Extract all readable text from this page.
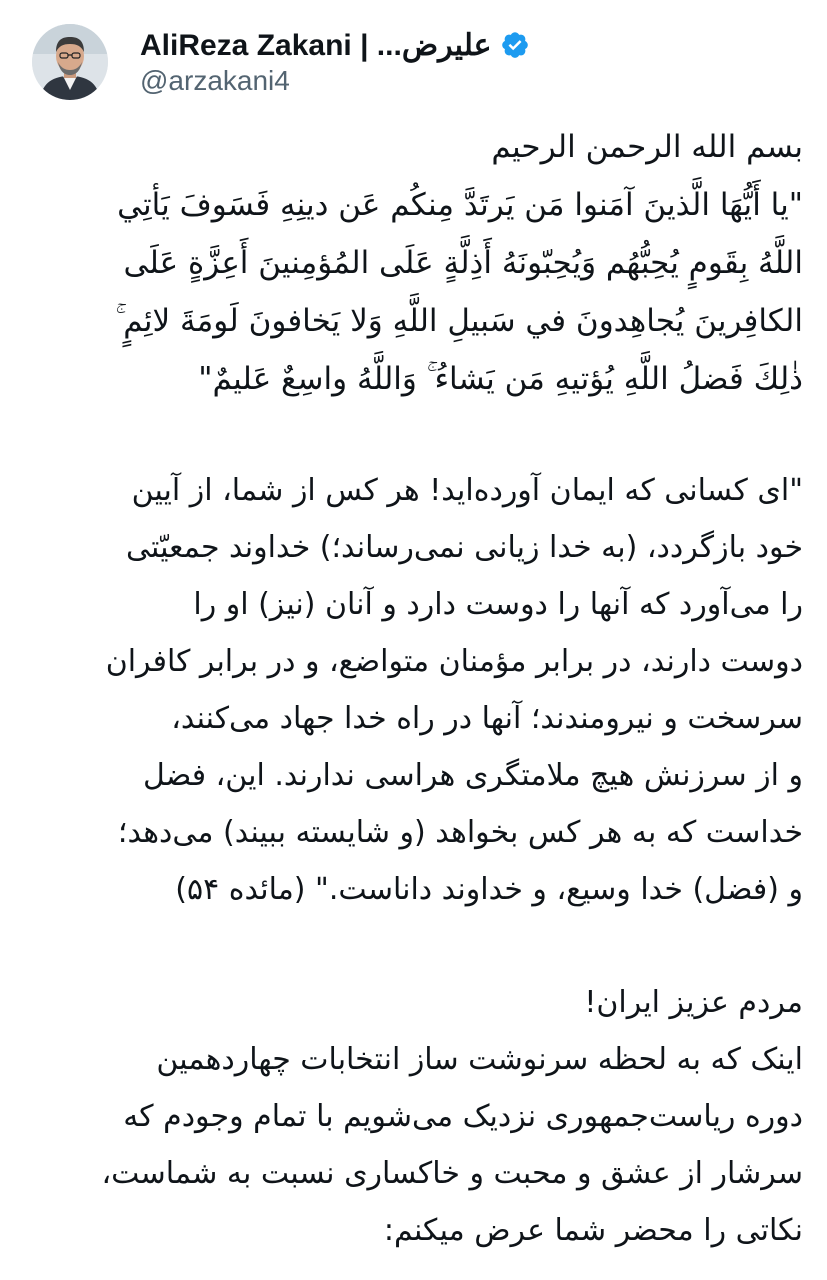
AliReza Zakani | ...علیرض
@arzakani4
بسم الله الرحمن الرحیم
"يا أَيُّهَا الَّذينَ آمَنوا مَن يَرتَدَّ مِنكُم عَن دينِهِ فَسَوفَ يَأتِي
اللَّهُ بِقَومٍ يُحِبُّهُم وَيُحِبّونَهُ أَذِلَّةٍ عَلَى المُؤمِنينَ أَعِزَّةٍ عَلَى
الكافِرينَ يُجاهِدونَ في سَبيلِ اللَّهِ وَلا يَخافونَ لَومَةَ لائِمٍ ۚ
ذٰلِكَ فَضلُ اللَّهِ يُؤتيهِ مَن يَشاءُ ۚ وَاللَّهُ واسِعٌ عَليمٌ"
"ای کسانی که ایمان آورده‌اید! هر کس از شما، از آیین
خود بازگردد، (به خدا زیانی نمی‌رساند؛) خداوند جمعیّتی
را می‌آورد که آنها را دوست دارد و آنان (نیز) او را
دوست دارند، در برابر مؤمنان متواضع، و در برابر کافران
سرسخت و نیرومندند؛ آنها در راه خدا جهاد می‌کنند،
و از سرزنش هیچ ملامتگری هراسی ندارند. این، فضل
خداست که به هر کس بخواهد (و شایسته ببیند) می‌دهد؛
و (فضل) خدا وسیع، و خداوند داناست." (مائده ۵۴)
مردم عزیز ایران!
اینک که به لحظه سرنوشت ساز انتخابات چهاردهمین
دوره ریاست‌جمهوری نزدیک می‌شویم با تمام وجودم که
سرشار از عشق و محبت و خاکساری نسبت به شماست،
نکاتی را محضر شما عرض میکنم:
